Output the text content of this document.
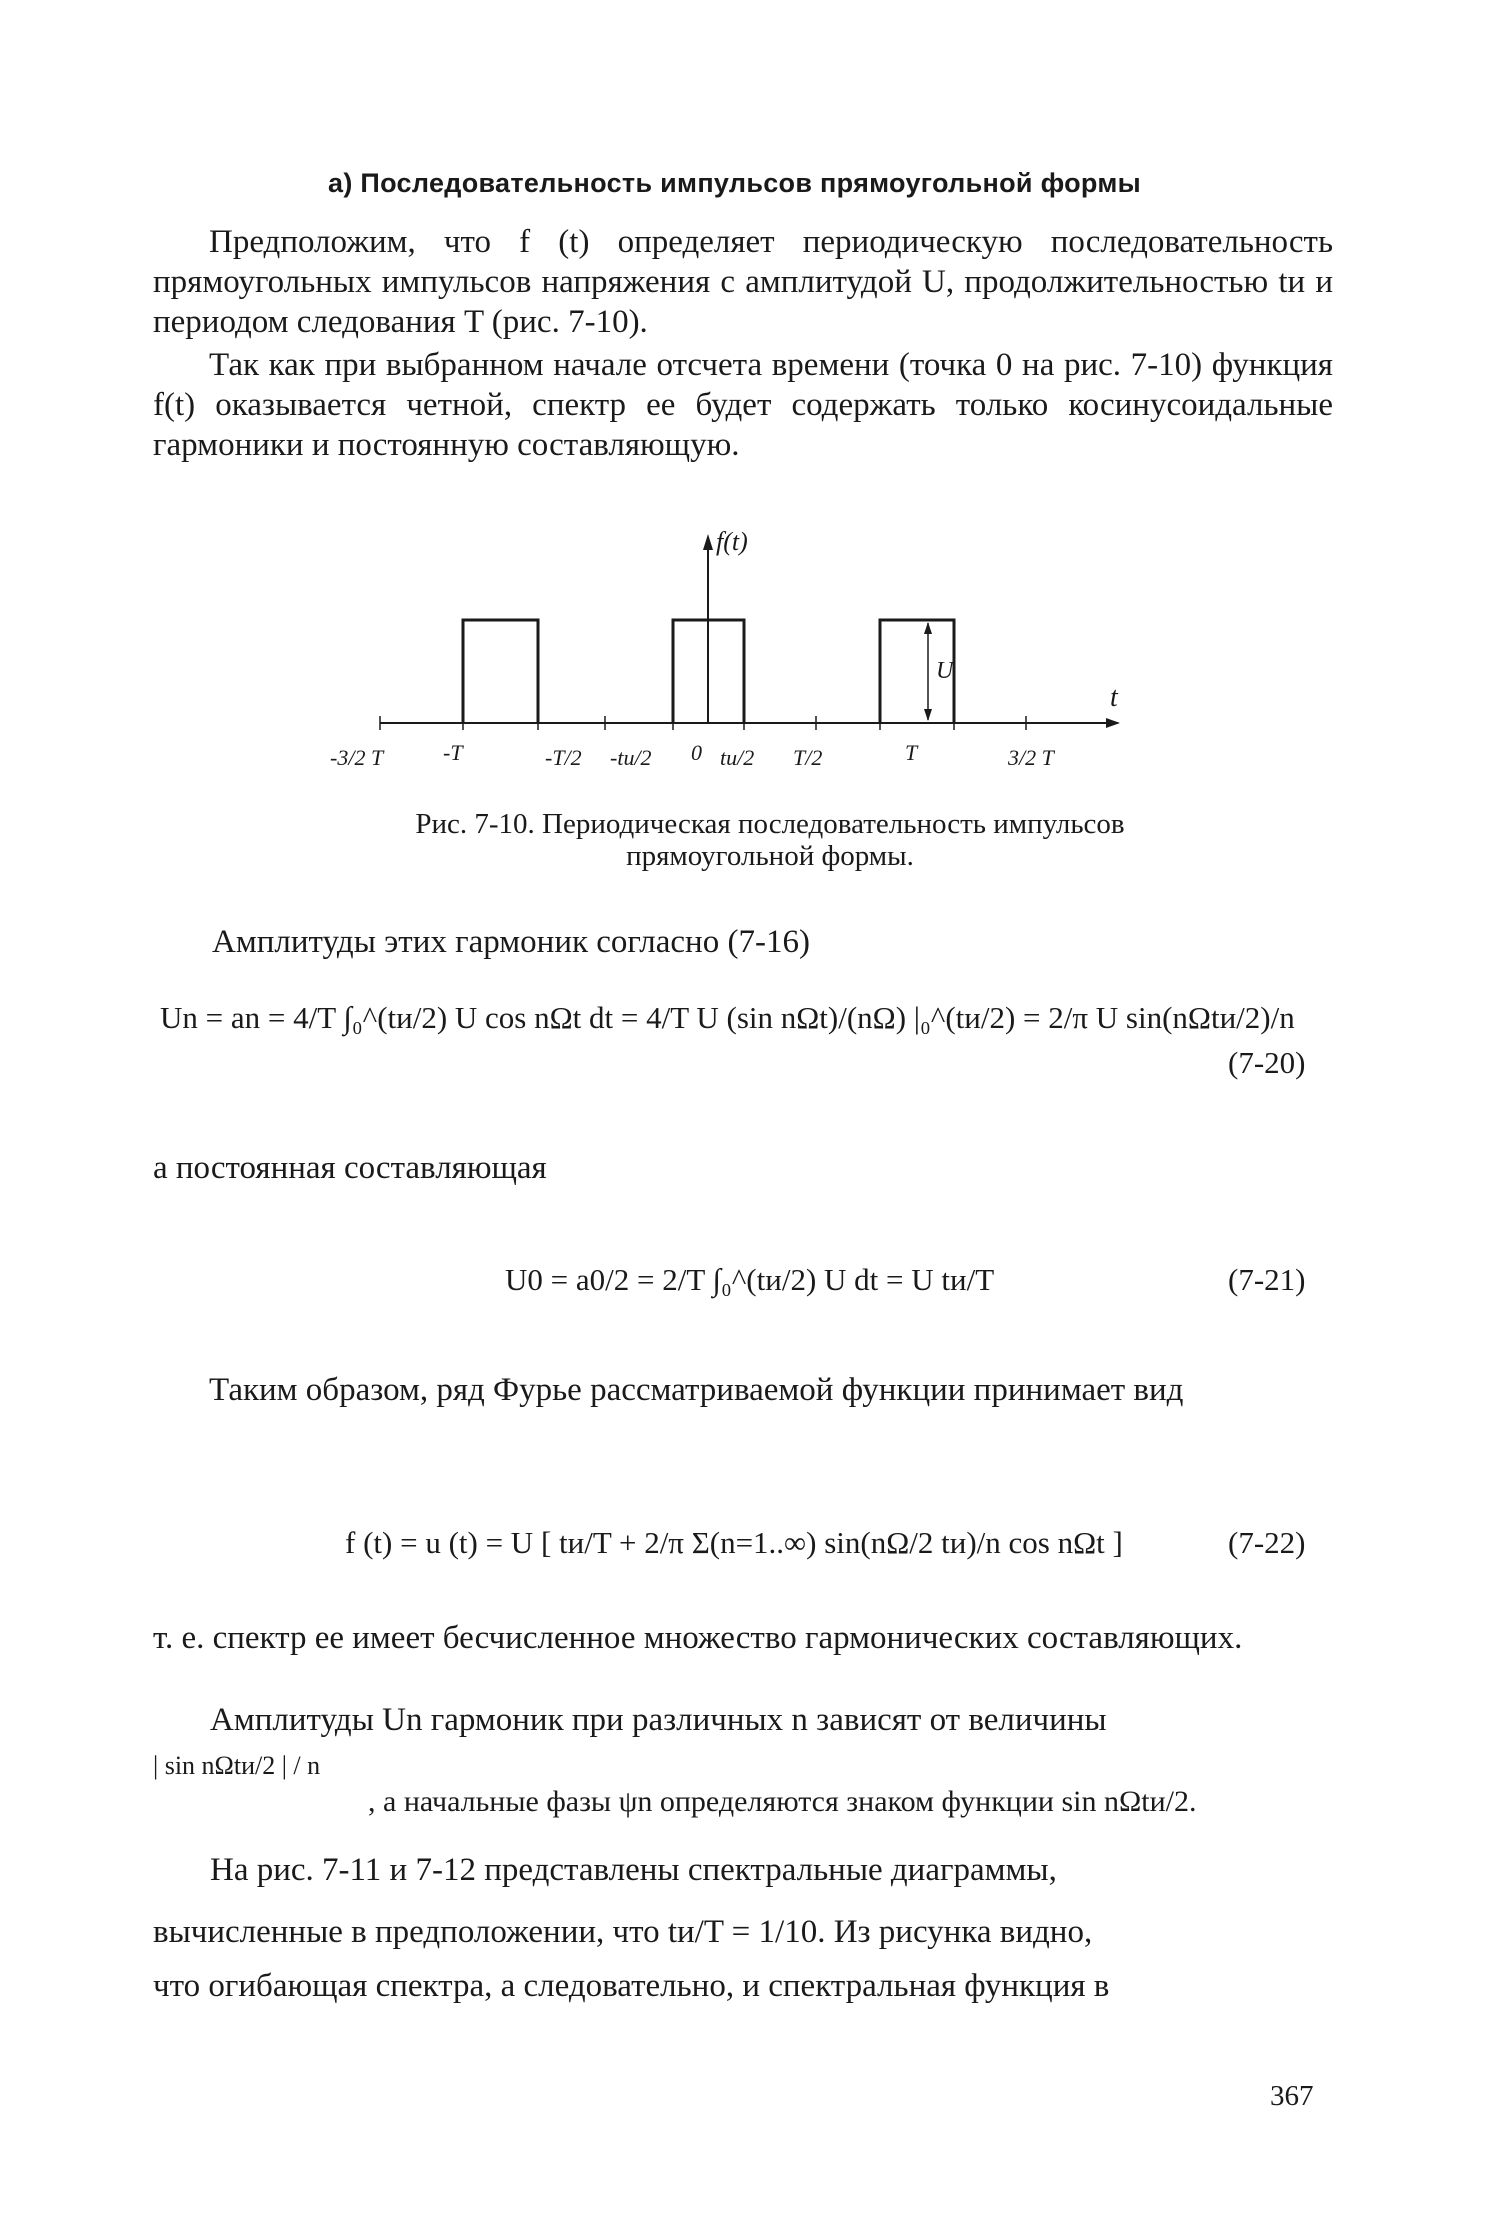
а) Последовательность импульсов прямоугольной формы

Предположим, что f (t) определяет периодическую последовательность прямоугольных импульсов напряжения с амплитудой U, продолжительностью tи и периодом следования T (рис. 7-10).

Так как при выбранном начале отсчета времени (точка 0 на рис. 7-10) функция f(t) оказывается четной, спектр ее будет содержать только косинусоидальные гармоники и постоянную составляющую.

f(t)
t
U
-3/2 T	-T	-T/2 -tu/2 0 tu/2 T/2	T	3/2 T
Рис. 7-10. Периодическая последовательность импульсов прямоугольной формы.
Амплитуды этих гармоник согласно (7-16)
Un = an = 4/T ∫₀^(tи/2) U cos nΩt dt = 4/T U (sin nΩt)/(nΩ) |₀^(tи/2) = 2/π U sin(nΩtи/2)/n
(7-20)
а постоянная составляющая
U0 = a0/2 = 2/T ∫₀^(tи/2) U dt = U tи/T	(7-21)

Таким образом, ряд Фурье рассматриваемой функции принимает вид

f (t) = u (t) = U [ tи/T + 2/π Σ(n=1..∞) sin(nΩ/2 tи)/n cos nΩt ]	(7-22)

т. е. спектр ее имеет бесчисленное множество гармонических составляющих.

Амплитуды Un гармоник при различных n зависят от величины
| sin nΩtи/2 | / n
, а начальные фазы ψn определяются знаком функции sin nΩtи/2.
На рис. 7-11 и 7-12 представлены спектральные диаграммы,
вычисленные в предположении, что tи/T = 1/10. Из рисунка видно,
что огибающая спектра, а следовательно, и спектральная функция в
367
